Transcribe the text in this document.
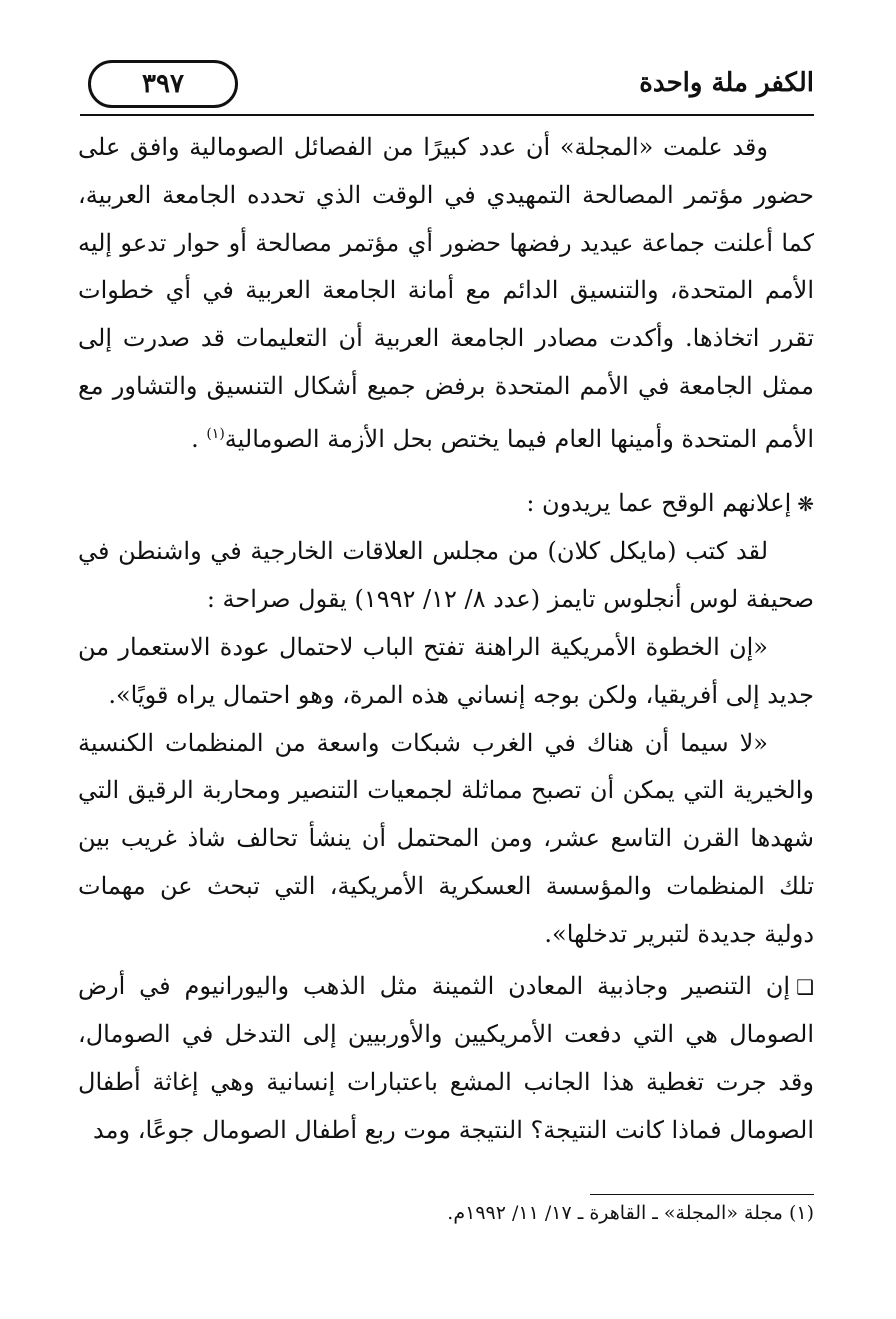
الكفر ملة واحدة
٣٩٧

وقد علمت «المجلة» أن عدد كبيرًا من الفصائل الصومالية وافق على حضور مؤتمر المصالحة التمهيدي في الوقت الذي تحدده الجامعة العربية، كما أعلنت جماعة عيديد رفضها حضور أي مؤتمر مصالحة أو حوار تدعو إليه الأمم المتحدة، والتنسيق الدائم مع أمانة الجامعة العربية في أي خطوات تقرر اتخاذها. وأكدت مصادر الجامعة العربية أن التعليمات قد صدرت إلى ممثل الجامعة في الأمم المتحدة برفض جميع أشكال التنسيق والتشاور مع الأمم المتحدة وأمينها العام فيما يختص بحل الأزمة الصومالية$^{(١)}$ .

❋إعلانهم الوقح عما يريدون :

لقد كتب (مايكل كلان) من مجلس العلاقات الخارجية في واشنطن في صحيفة لوس أنجلوس تايمز (عدد ٨/ ١٢/ ١٩٩٢) يقول صراحة :

«إن الخطوة الأمريكية الراهنة تفتح الباب لاحتمال عودة الاستعمار من جديد إلى أفريقيا، ولكن بوجه إنساني هذه المرة، وهو احتمال يراه قويًا».

«لا سيما أن هناك في الغرب شبكات واسعة من المنظمات الكنسية والخيرية التي يمكن أن تصبح مماثلة لجمعيات التنصير ومحاربة الرقيق التي شهدها القرن التاسع عشر، ومن المحتمل أن ينشأ تحالف شاذ غريب بين تلك المنظمات والمؤسسة العسكرية الأمريكية، التي تبحث عن مهمات دولية جديدة لتبرير تدخلها».

❑إن التنصير وجاذبية المعادن الثمينة مثل الذهب واليورانيوم في أرض الصومال هي التي دفعت الأمريكيين والأوربيين إلى التدخل في الصومال، وقد جرت تغطية هذا الجانب المشع باعتبارات إنسانية وهي إغاثة أطفال الصومال فماذا كانت النتيجة؟ النتيجة موت ربع أطفال الصومال جوعًا، ومد

(١) مجلة «المجلة» ـ القاهرة ـ ١٧/ ١١/ ١٩٩٢م.
